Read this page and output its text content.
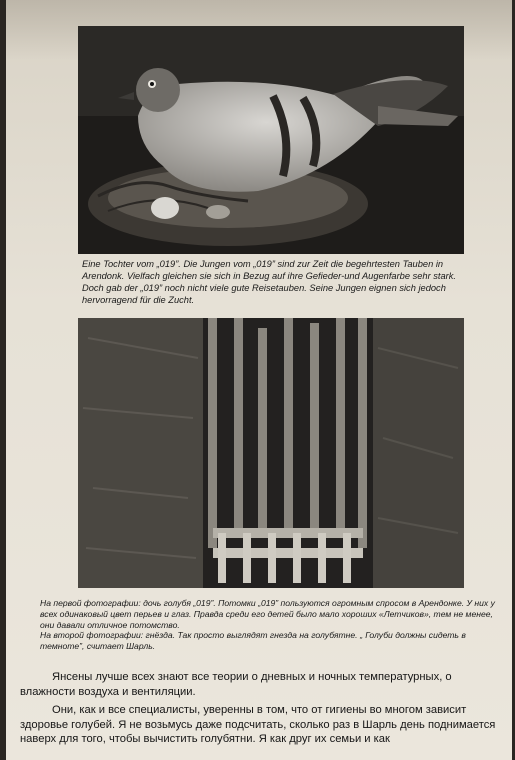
Eine Tochter vom „019”. Die Jungen vom „019” sind zur Zeit die begehrtesten Tauben in Arendonk. Vielfach gleichen sie sich in Bezug auf ihre Gefieder-und Augenfarbe sehr stark. Doch gab der „019” noch nicht viele gute Reisetauben. Seine Jungen eignen sich jedoch hervorragend für die Zucht.

На первой фотографии: дочь голубя „019”. Потомки „019” пользуются огромным спросом в Арендонке. У них у всех одинаковый цвет перьев и глаз. Правда среди его детей было мало хороших «Летчиков», тем не менее, они давали отличное потомство.
На второй фотографии: гнёзда. Так просто выглядят гнезда на голубятне. „ Голуби должны сидеть в темноте”, считает Шарль.

Янсены лучше всех знают все теории о дневных и ночных температурных, о влажности воздуха и вентиляции.

Они, как и все специалисты, уверенны в том, что от гигиены во многом зависит здоровье голубей. Я не возьмусь даже подсчитать, сколько раз в Шарль день поднимается наверх для того, чтобы вычистить голубятни. Я как друг их семьи и как
